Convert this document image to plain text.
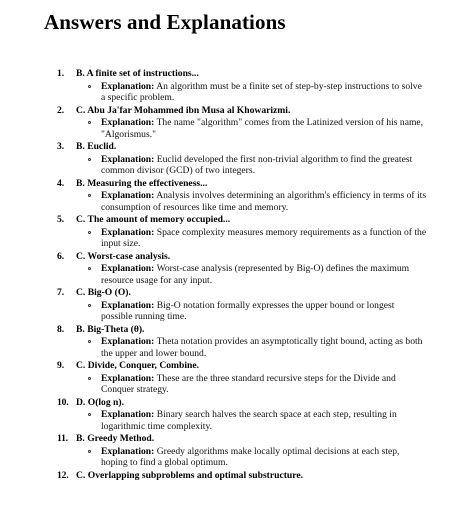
Answers and Explanations
1. B. A finite set of instructions...

Explanation: An algorithm must be a finite set of step-by-step instructions to solve a specific problem.

2. C. Abu Ja'far Mohammed ibn Musa al Khowarizmi.

Explanation: The name "algorithm" comes from the Latinized version of his name, "Algorismus."

3. B. Euclid.

Explanation: Euclid developed the first non-trivial algorithm to find the greatest common divisor (GCD) of two integers.

4. B. Measuring the effectiveness...

Explanation: Analysis involves determining an algorithm's efficiency in terms of its consumption of resources like time and memory.

5. C. The amount of memory occupied...

Explanation: Space complexity measures memory requirements as a function of the input size.

6. C. Worst-case analysis.

Explanation: Worst-case analysis (represented by Big-O) defines the maximum resource usage for any input.

7. C. Big-O (O).

Explanation: Big-O notation formally expresses the upper bound or longest possible running time.

8. B. Big-Theta (θ).

Explanation: Theta notation provides an asymptotically tight bound, acting as both the upper and lower bound.

9. C. Divide, Conquer, Combine.

Explanation: These are the three standard recursive steps for the Divide and Conquer strategy.

10. D. O(log n).

Explanation: Binary search halves the search space at each step, resulting in logarithmic time complexity.

11. B. Greedy Method.

Explanation: Greedy algorithms make locally optimal decisions at each step, hoping to find a global optimum.

12. C. Overlapping subproblems and optimal substructure.
